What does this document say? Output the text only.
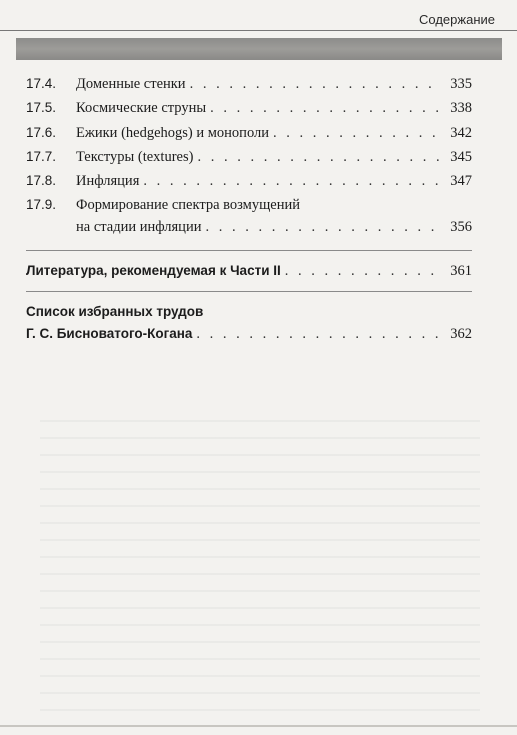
Содержание
17.4.	Доменные стенки . . .	335
17.5.	Космические струны . . .	338
17.6.	Ежики (hedgehogs) и монополи . . .	342
17.7.	Текстуры (textures) . . .	345
17.8.	Инфляция . . .	347
17.9.	Формирование спектра возмущений
на стадии инфляции . . .	356
Литература, рекомендуемая к Части II . . .	361
Список избранных трудов
Г. С. Бисноватого-Когана . . .	362
